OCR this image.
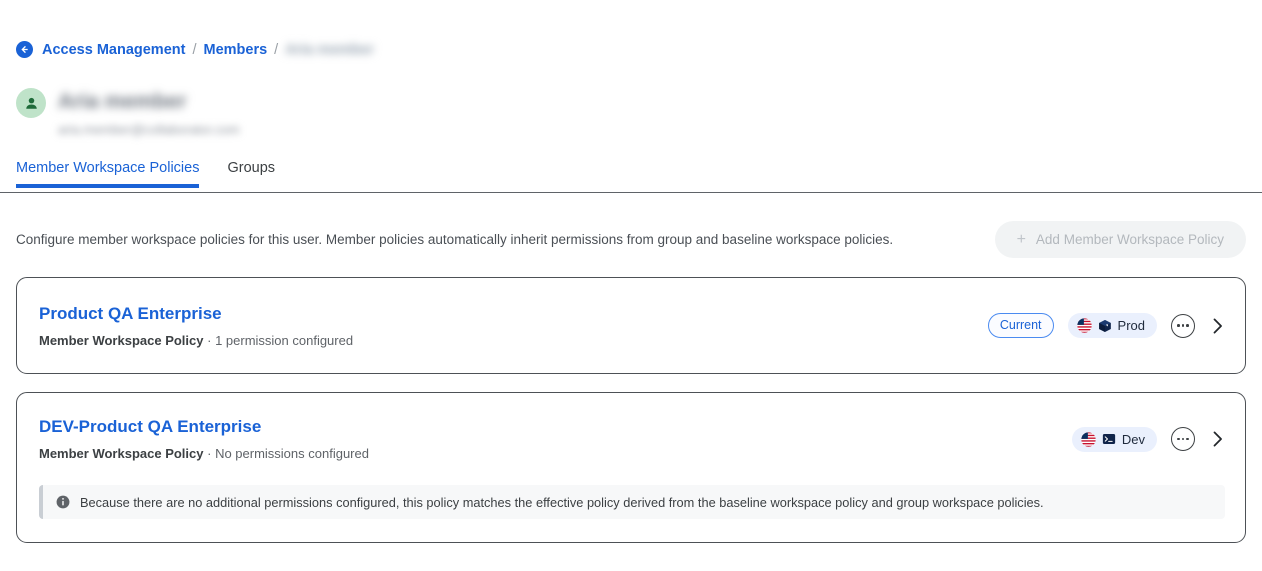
Access Management / Members / Aria member
Aria member
aria.member@collaborator.com
Member Workspace Policies Groups
Configure member workspace policies for this user. Member policies automatically inherit permissions from group and baseline workspace policies.	+ Add Member Workspace Policy
Product QA Enterprise
Member Workspace Policy · 1 permission configured
Current	Prod
DEV-Product QA Enterprise
Member Workspace Policy · No permissions configured
Dev
Because there are no additional permissions configured, this policy matches the effective policy derived from the baseline workspace policy and group workspace policies.
